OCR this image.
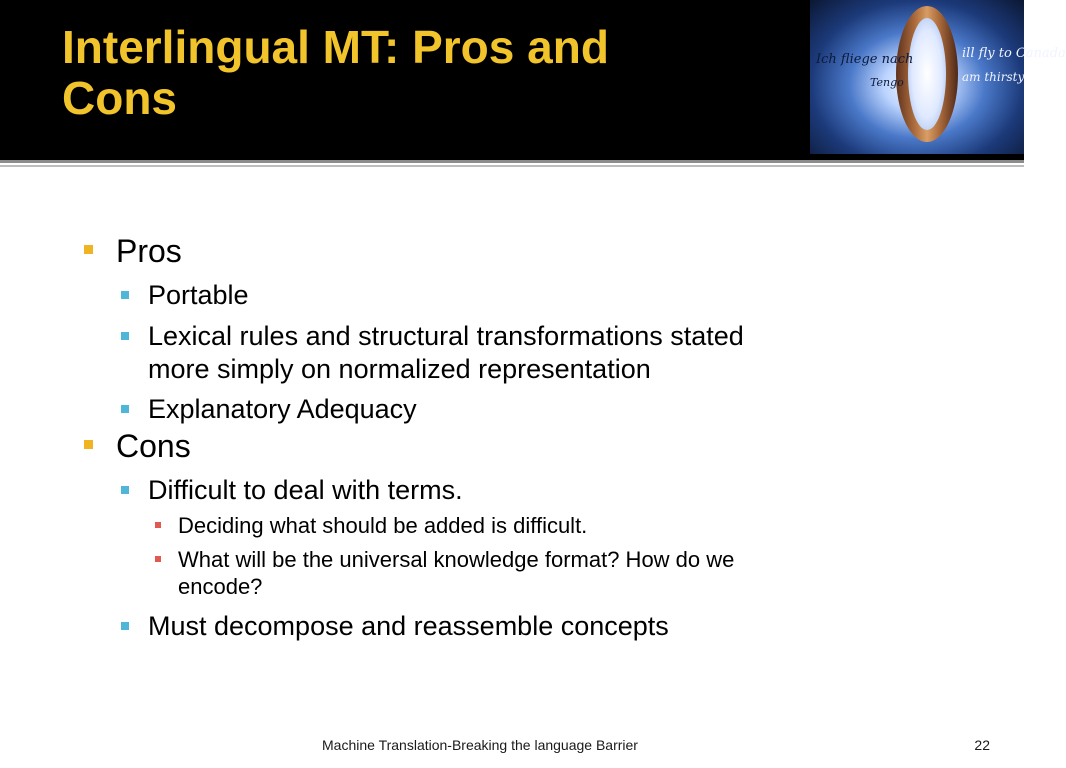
Interlingual MT: Pros and
Cons
Ich fliege nach
Tengo
ill fly to Canada
am thirsty
Pros
Portable
Lexical rules and structural transformations stated
more simply on normalized representation
Explanatory Adequacy
Cons
Difficult to deal with terms.
Deciding what should be added is difficult.
What will be the universal knowledge format? How do we
encode?
Must decompose and reassemble concepts
Machine Translation-Breaking the language Barrier	22
